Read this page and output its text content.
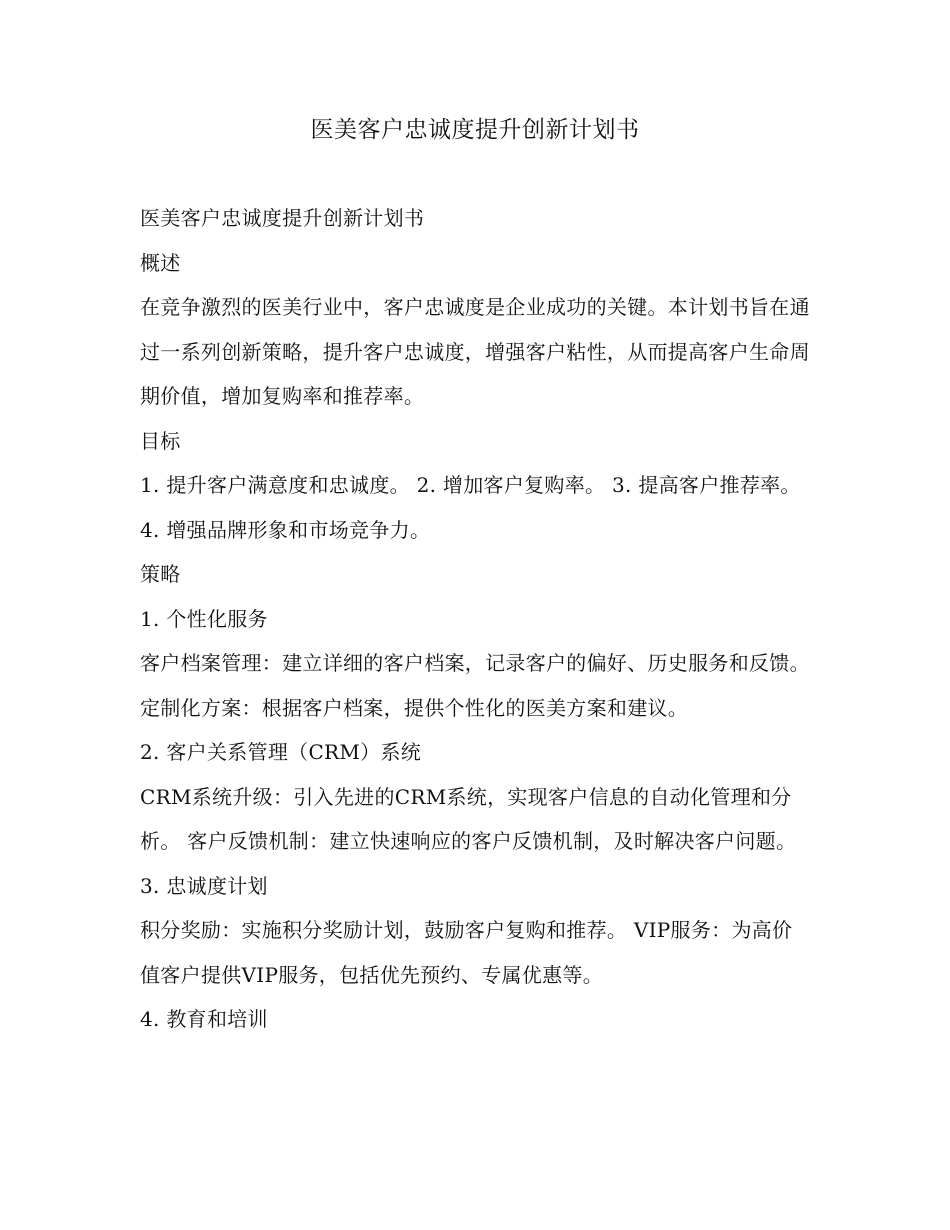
医美客户忠诚度提升创新计划书

医美客户忠诚度提升创新计划书

概述

在竞争激烈的医美行业中，客户忠诚度是企业成功的关键。本计划书旨在通过一系列创新策略，提升客户忠诚度，增强客户粘性，从而提高客户生命周期价值，增加复购率和推荐率。

目标

1. 提升客户满意度和忠诚度。 2. 增加客户复购率。 3. 提高客户推荐率。 4. 增强品牌形象和市场竞争力。

策略

1. 个性化服务

客户档案管理：建立详细的客户档案，记录客户的偏好、历史服务和反馈。 定制化方案：根据客户档案，提供个性化的医美方案和建议。

2. 客户关系管理（CRM）系统

CRM系统升级：引入先进的CRM系统，实现客户信息的自动化管理和分析。 客户反馈机制：建立快速响应的客户反馈机制，及时解决客户问题。

3. 忠诚度计划

积分奖励：实施积分奖励计划，鼓励客户复购和推荐。 VIP服务：为高价值客户提供VIP服务，包括优先预约、专属优惠等。

4. 教育和培训
